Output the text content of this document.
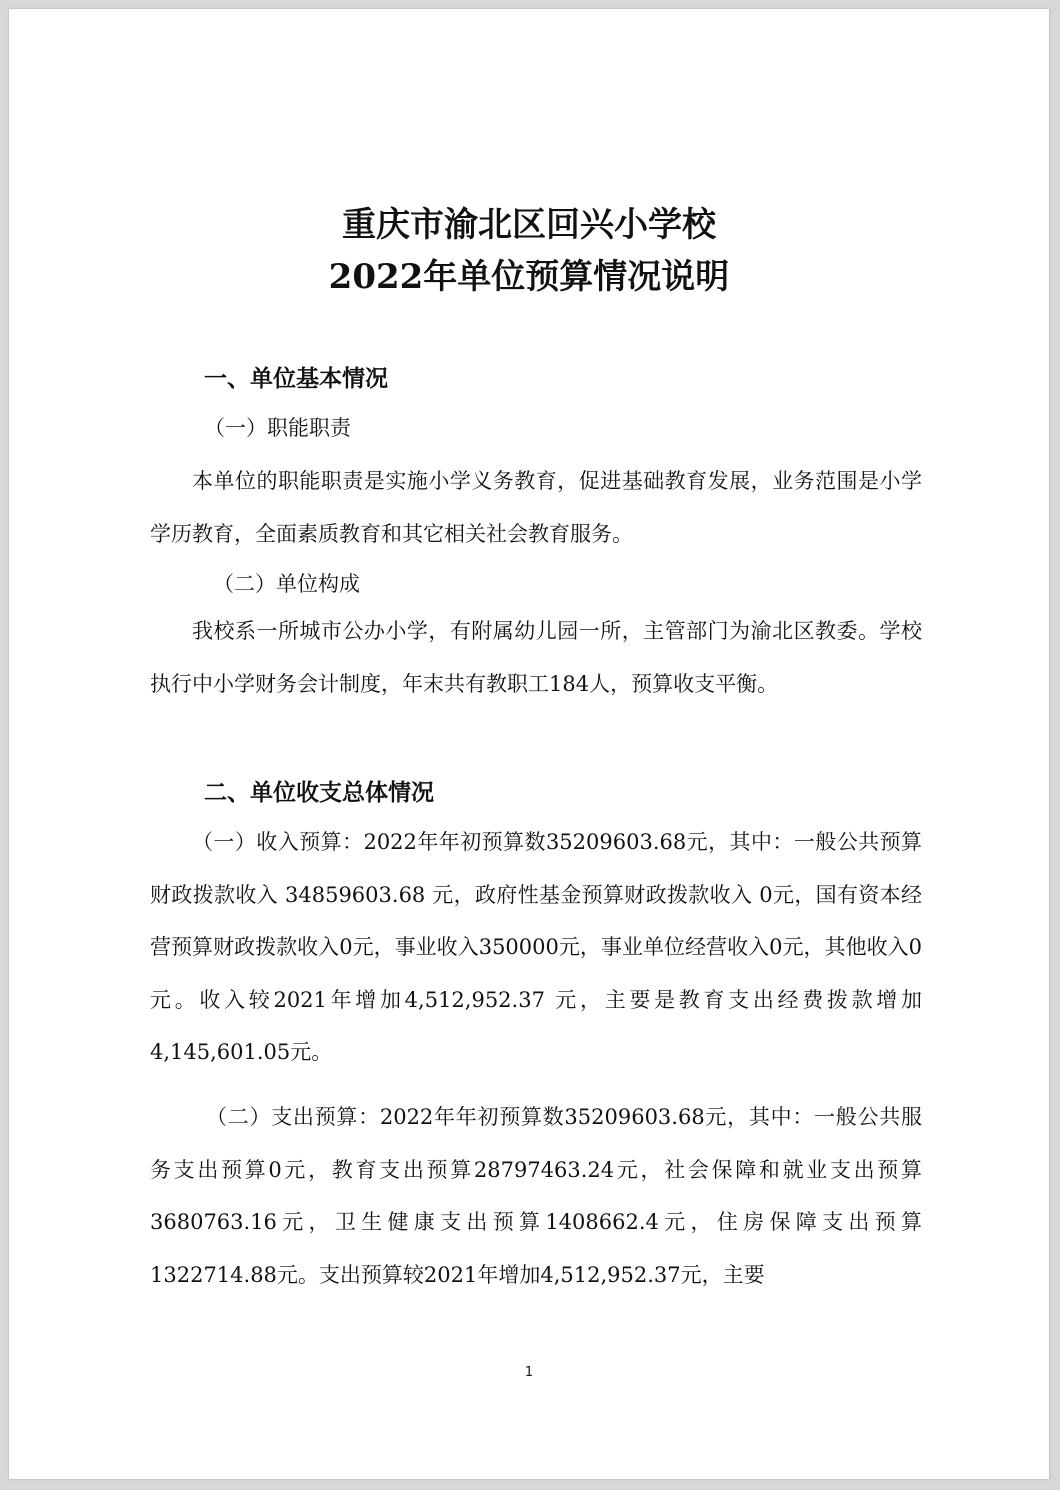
重庆市渝北区回兴小学校
2022年单位预算情况说明
一、单位基本情况
（一）职能职责

本单位的职能职责是实施小学义务教育，促进基础教育发展，业务范围是小学学历教育，全面素质教育和其它相关社会教育服务。

（二）单位构成

我校系一所城市公办小学，有附属幼儿园一所，主管部门为渝北区教委。学校执行中小学财务会计制度，年末共有教职工184人，预算收支平衡。

二、单位收支总体情况

（一）收入预算：2022年年初预算数35209603.68元，其中：一般公共预算财政拨款收入 34859603.68 元，政府性基金预算财政拨款收入 0元，国有资本经营预算财政拨款收入0元，事业收入350000元，事业单位经营收入0元，其他收入0元。收入较2021年增加4,512,952.37 元，主要是教育支出经费拨款增加4,145,601.05元。

（二）支出预算：2022年年初预算数35209603.68元，其中：一般公共服务支出预算0元，教育支出预算28797463.24元，社会保障和就业支出预算3680763.16元，卫生健康支出预算1408662.4元，住房保障支出预算1322714.88元。支出预算较2021年增加4,512,952.37元，主要

1
